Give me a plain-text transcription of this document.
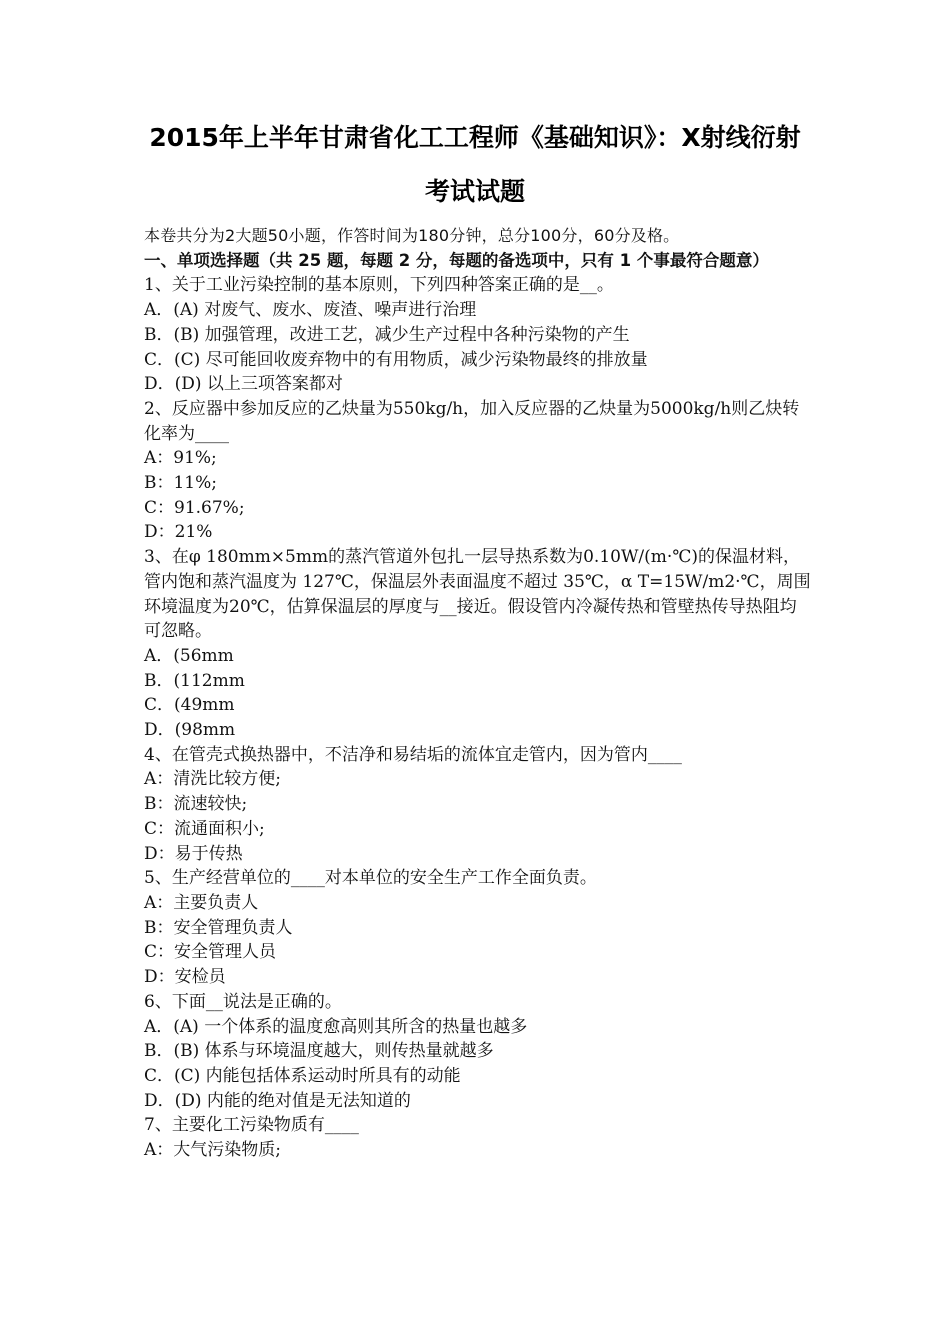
2015年上半年甘肃省化工工程师《基础知识》：X射线衍射
考试试题

本卷共分为2大题50小题，作答时间为180分钟，总分100分，60分及格。

一、单项选择题（共 25 题，每题 2 分，每题的备选项中，只有 1 个事最符合题意）

1、关于工业污染控制的基本原则，下列四种答案正确的是__。

A．(A) 对废气、废水、废渣、噪声进行治理

B．(B) 加强管理，改进工艺，减少生产过程中各种污染物的产生

C．(C) 尽可能回收废弃物中的有用物质，减少污染物最终的排放量

D．(D) 以上三项答案都对

2、反应器中参加反应的乙炔量为550kg/h，加入反应器的乙炔量为5000kg/h则乙炔转化率为____

A：91%;

B：11%;

C：91.67%;

D：21%

3、在φ 180mm×5mm的蒸汽管道外包扎一层导热系数为0.10W/(m·℃)的保温材料，管内饱和蒸汽温度为 127℃，保温层外表面温度不超过 35℃，α T=15W/m2·℃，周围环境温度为20℃，估算保温层的厚度与__接近。假设管内冷凝传热和管壁热传导热阻均可忽略。

A．(56mm

B．(112mm

C．(49mm

D．(98mm

4、在管壳式换热器中，不洁净和易结垢的流体宜走管内，因为管内____

A：清洗比较方便;

B：流速较快;

C：流通面积小;

D：易于传热

5、生产经营单位的____对本单位的安全生产工作全面负责。

A：主要负责人

B：安全管理负责人

C：安全管理人员

D：安检员

6、下面__说法是正确的。

A．(A) 一个体系的温度愈高则其所含的热量也越多

B．(B) 体系与环境温度越大，则传热量就越多

C．(C) 内能包括体系运动时所具有的动能

D．(D) 内能的绝对值是无法知道的

7、主要化工污染物质有____

A：大气污染物质;
